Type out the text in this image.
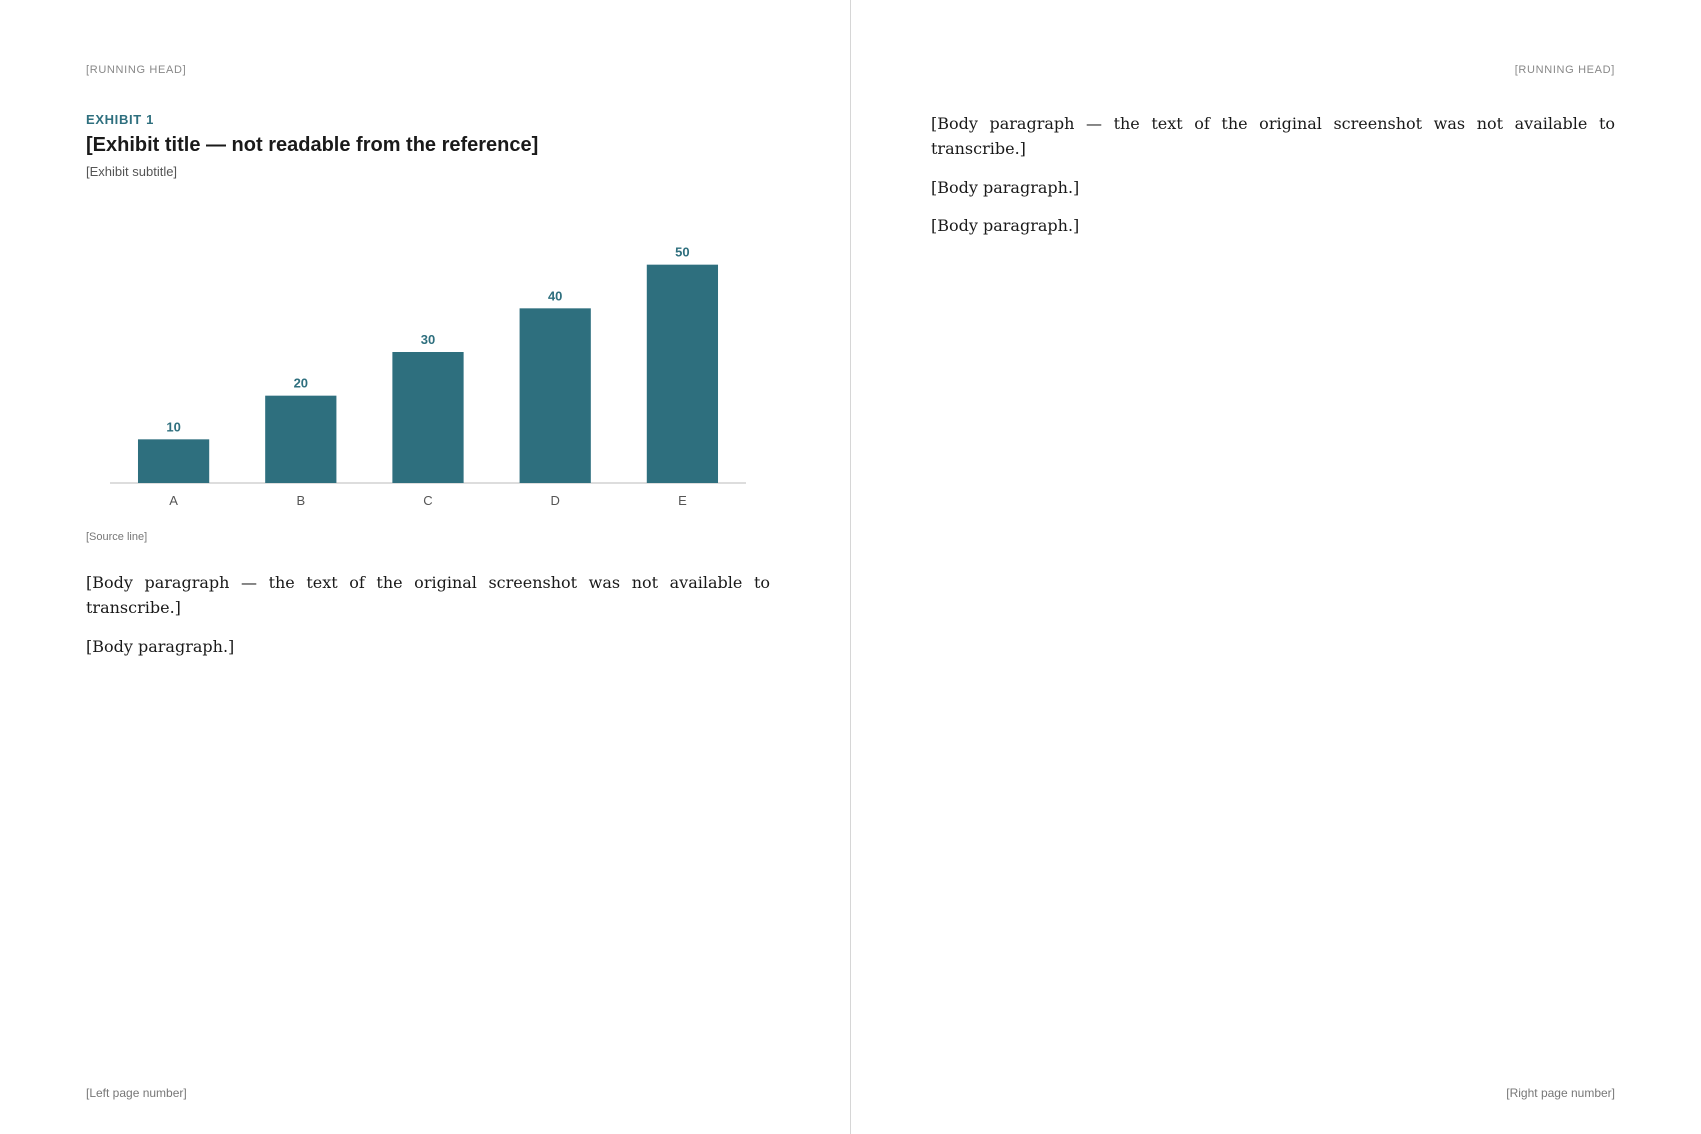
[RUNNING HEAD]
EXHIBIT 1
[Exhibit title — not readable from the reference]
[Exhibit subtitle]
10
A
20
B
30
C
40
D
50
E
[Source line]

[Body paragraph — the text of the original screenshot was not available to transcribe.]

[Body paragraph.]

[Left page number]
[RUNNING HEAD]

[Body paragraph — the text of the original screenshot was not available to transcribe.]

[Body paragraph.]

[Body paragraph.]

[Right page number]
